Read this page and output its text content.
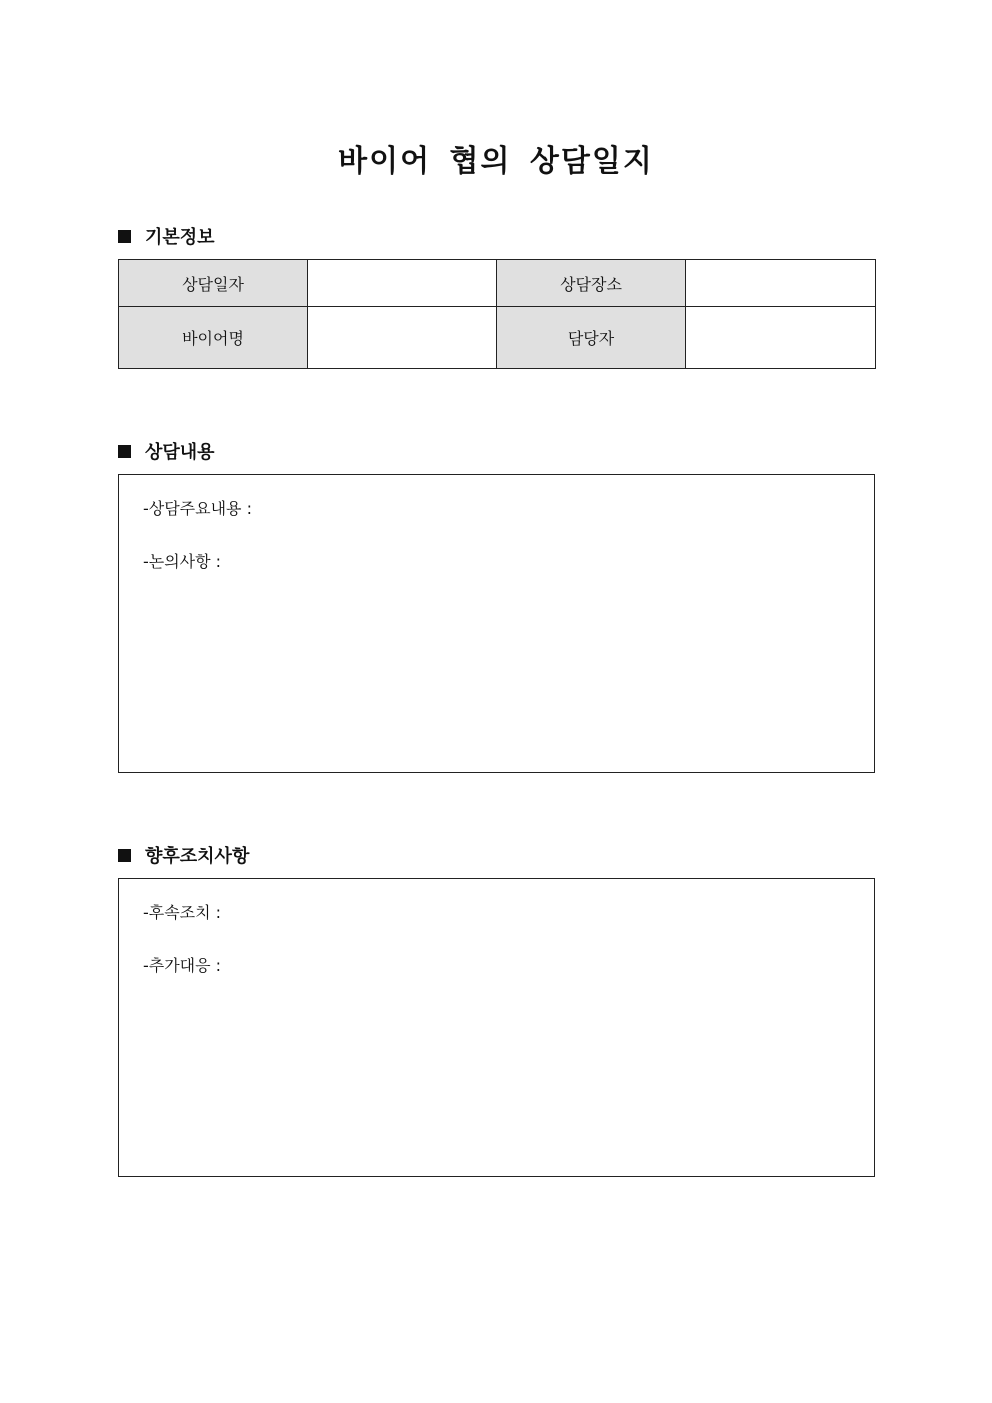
바이어 협의 상담일지
기본정보
상담일자		상담장소	
바이어명		담당자	
상담내용
-상담주요내용 :
-논의사항 :
향후조치사항
-후속조치 :
-추가대응 :
